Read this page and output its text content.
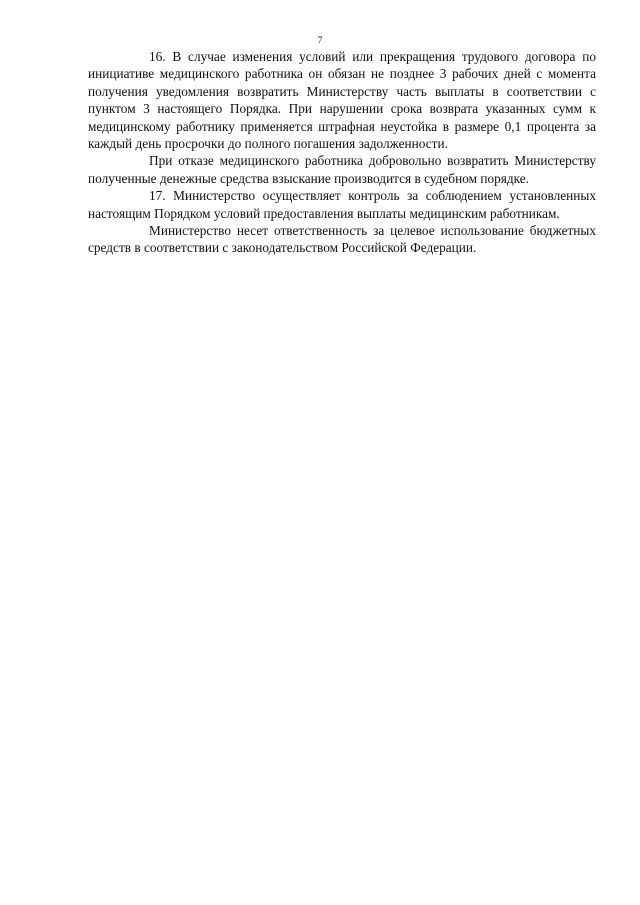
7

16. В случае изменения условий или прекращения трудового договора по инициативе медицинского работника он обязан не позднее 3 рабочих дней с момента получения уведомления возвратить Министерству часть выплаты в соответствии с пунктом 3 настоящего Порядка. При нарушении срока возврата указанных сумм к медицинскому работнику применяется штрафная неустойка в размере 0,1 процента за каждый день просрочки до полного погашения задолженности.

При отказе медицинского работника добровольно возвратить Министерству полученные денежные средства взыскание производится в судебном порядке.

17. Министерство осуществляет контроль за соблюдением установленных настоящим Порядком условий предоставления выплаты медицинским работникам.

Министерство несет ответственность за целевое использование бюджетных средств в соответствии с законодательством Российской Федерации.
